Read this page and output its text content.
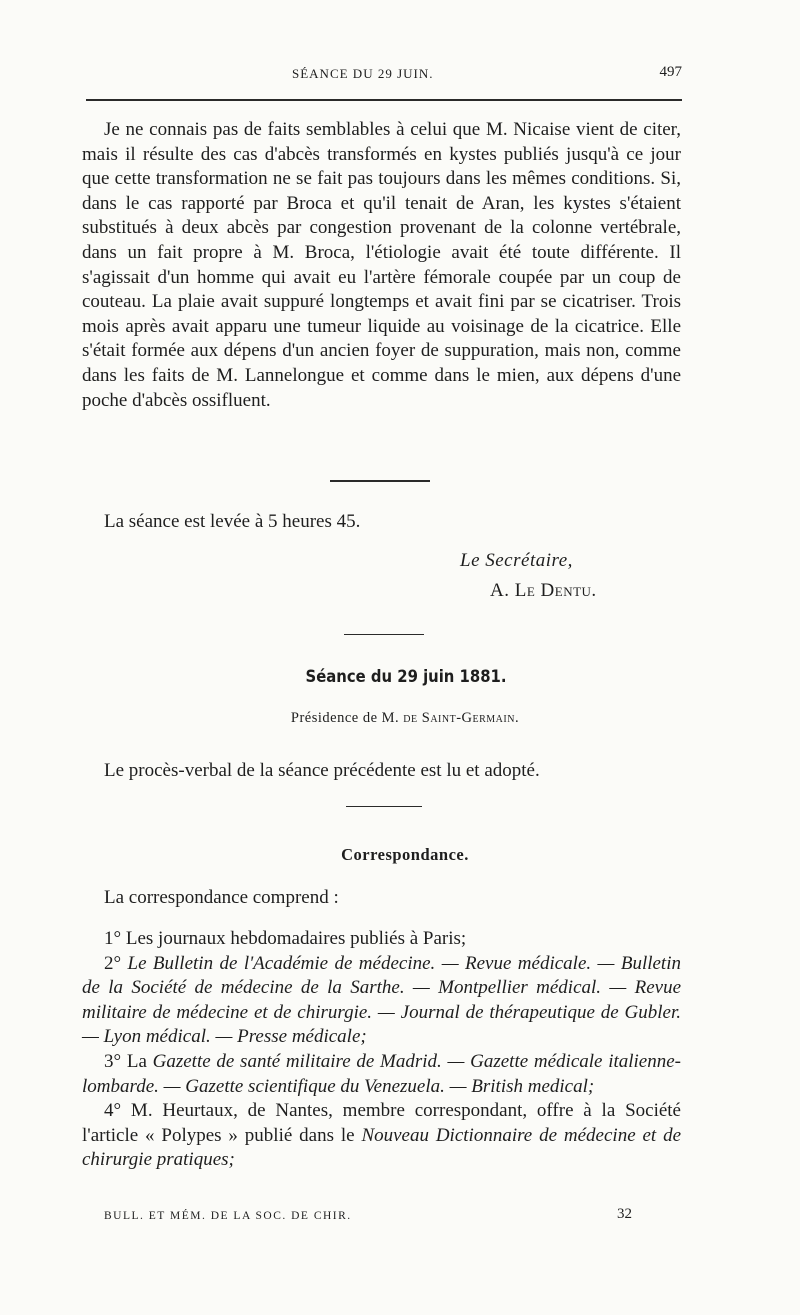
SÉANCE DU 29 JUIN.	497
Je ne connais pas de faits semblables à celui que M. Nicaise vient de citer, mais il résulte des cas d'abcès transformés en kystes publiés jusqu'à ce jour que cette transformation ne se fait pas toujours dans les mêmes conditions. Si, dans le cas rapporté par Broca et qu'il tenait de Aran, les kystes s'étaient substitués à deux abcès par congestion provenant de la colonne vertébrale, dans un fait propre à M. Broca, l'étiologie avait été toute différente. Il s'agissait d'un homme qui avait eu l'artère fémorale coupée par un coup de couteau. La plaie avait suppuré longtemps et avait fini par se cicatriser. Trois mois après avait apparu une tumeur liquide au voisinage de la cicatrice. Elle s'était formée aux dépens d'un ancien foyer de suppuration, mais non, comme dans les faits de M. Lannelongue et comme dans le mien, aux dépens d'une poche d'abcès ossifluent.
La séance est levée à 5 heures 45.
Le Secrétaire,
A. Le Dentu.
Séance du 29 juin 1881.
Présidence de M. de Saint-Germain.
Le procès-verbal de la séance précédente est lu et adopté.
Correspondance.
La correspondance comprend :

1° Les journaux hebdomadaires publiés à Paris;

2° Le Bulletin de l'Académie de médecine. — Revue médicale. — Bulletin de la Société de médecine de la Sarthe. — Montpellier médical. — Revue militaire de médecine et de chirurgie. — Journal de thérapeutique de Gubler. — Lyon médical. — Presse médicale;

3° La Gazette de santé militaire de Madrid. — Gazette médicale italienne-lombarde. — Gazette scientifique du Venezuela. — British medical;

4° M. Heurtaux, de Nantes, membre correspondant, offre à la Société l'article « Polypes » publié dans le Nouveau Dictionnaire de médecine et de chirurgie pratiques;

BULL. ET MÉM. DE LA SOC. DE CHIR.	32
